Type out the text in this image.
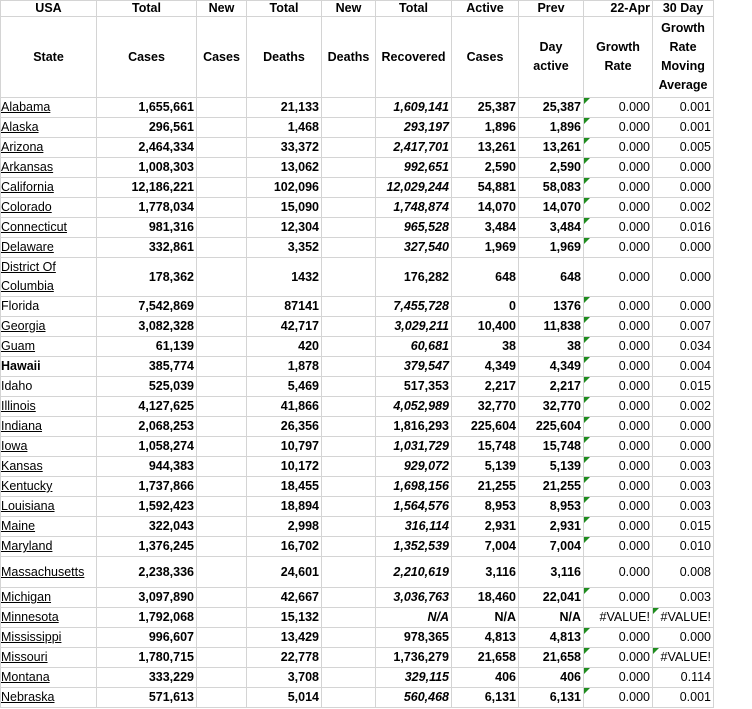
USA	Total	New	Total	New	Total	Active	Prev	22-Apr	30 Day
State	Cases	Cases	Deaths	Deaths	Recovered	Cases	Day active	Growth Rate	Growth Rate Moving Average
Alabama	1,655,661		21,133		1,609,141	25,387	25,387	0.000	0.001
Alaska	296,561		1,468		293,197	1,896	1,896	0.000	0.001
Arizona	2,464,334		33,372		2,417,701	13,261	13,261	0.000	0.005
Arkansas	1,008,303		13,062		992,651	2,590	2,590	0.000	0.000
California	12,186,221		102,096		12,029,244	54,881	58,083	0.000	0.000
Colorado	1,778,034		15,090		1,748,874	14,070	14,070	0.000	0.002
Connecticut	981,316		12,304		965,528	3,484	3,484	0.000	0.016
Delaware	332,861		3,352		327,540	1,969	1,969	0.000	0.000
District Of Columbia	178,362		1432		176,282	648	648	0.000	0.000
Florida	7,542,869		87141		7,455,728	0	1376	0.000	0.000
Georgia	3,082,328		42,717		3,029,211	10,400	11,838	0.000	0.007
Guam	61,139		420		60,681	38	38	0.000	0.034
Hawaii	385,774		1,878		379,547	4,349	4,349	0.000	0.004
Idaho	525,039		5,469		517,353	2,217	2,217	0.000	0.015
Illinois	4,127,625		41,866		4,052,989	32,770	32,770	0.000	0.002
Indiana	2,068,253		26,356		1,816,293	225,604	225,604	0.000	0.000
Iowa	1,058,274		10,797		1,031,729	15,748	15,748	0.000	0.000
Kansas	944,383		10,172		929,072	5,139	5,139	0.000	0.003
Kentucky	1,737,866		18,455		1,698,156	21,255	21,255	0.000	0.003
Louisiana	1,592,423		18,894		1,564,576	8,953	8,953	0.000	0.003
Maine	322,043		2,998		316,114	2,931	2,931	0.000	0.015
Maryland	1,376,245		16,702		1,352,539	7,004	7,004	0.000	0.010
Massachusetts	2,238,336		24,601		2,210,619	3,116	3,116	0.000	0.008
Michigan	3,097,890		42,667		3,036,763	18,460	22,041	0.000	0.003
Minnesota	1,792,068		15,132		N/A	N/A	N/A	#VALUE!	#VALUE!

Mississippi	996,607		13,429		978,365	4,813	4,813	0.000	0.000
Missouri	1,780,715		22,778		1,736,279	21,658	21,658	0.000	#VALUE!

Montana	333,229		3,708		329,115	406	406	0.000	0.114
Nebraska	571,613		5,014		560,468	6,131	6,131	0.000	0.001
